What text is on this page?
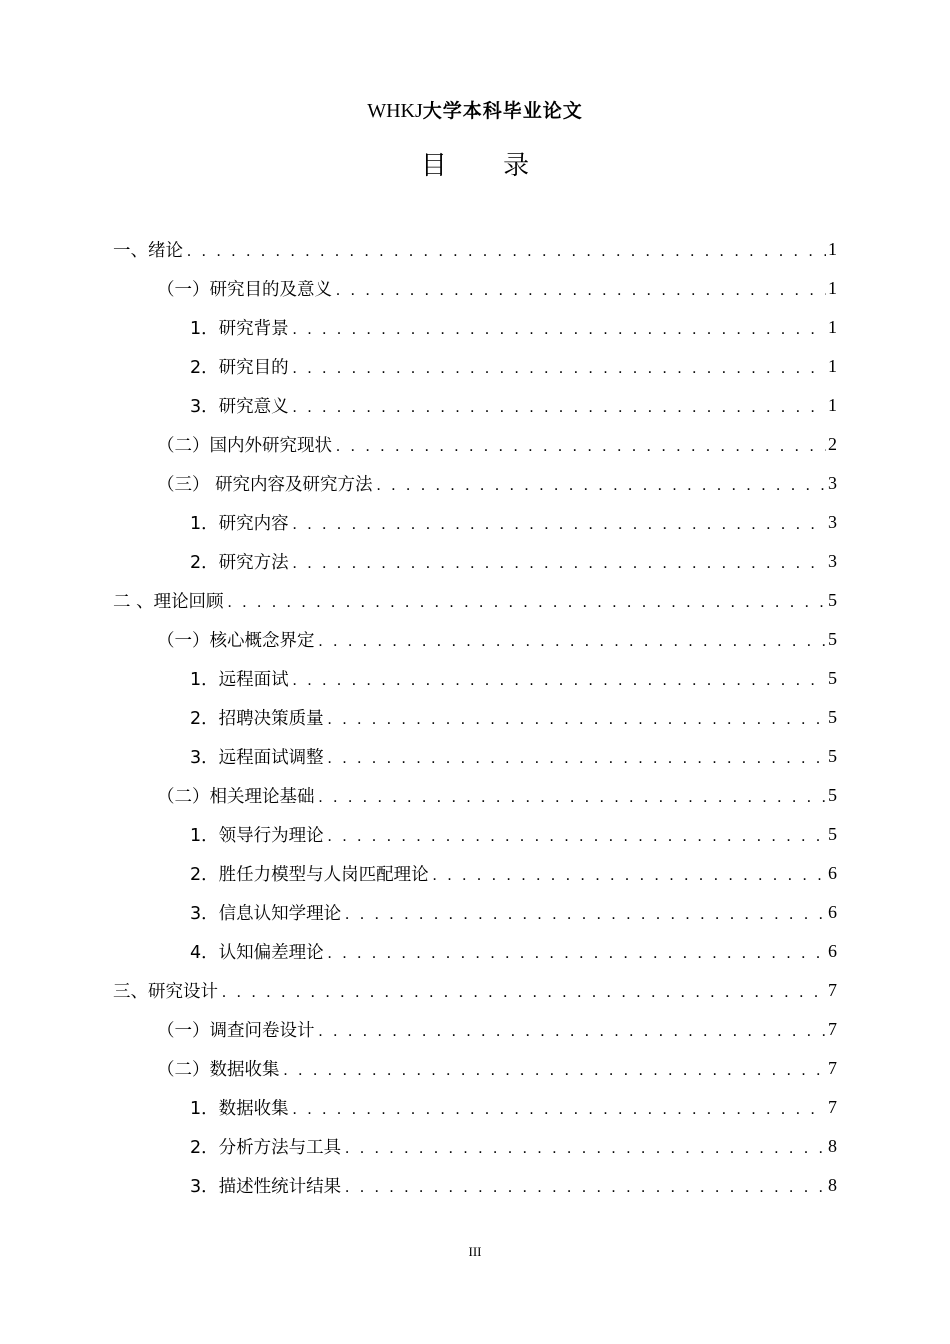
WHKJ大学本科毕业论文
目 录
一、绪论 . . .	1
（一）研究目的及意义 . . .	1
1．研究背景 . . .	1
2．研究目的 . . .	1
3．研究意义 . . .	1
（二）国内外研究现状 . . .	2
（三） 研究内容及研究方法 . . .	3
1．研究内容 . . .	3
2．研究方法 . . .	3
二 、理论回顾 . . .	5
（一）核心概念界定 . . .	5
1．远程面试 . . .	5
2．招聘决策质量 . . .	5
3．远程面试调整 . . .	5
（二）相关理论基础 . . .	5
1．领导行为理论 . . .	5
2．胜任力模型与人岗匹配理论 . . .	6
3．信息认知学理论 . . .	6
4．认知偏差理论 . . .	6
三、研究设计 . . .	7
（一）调查问卷设计 . . .	7
（二）数据收集 . . .	7
1．数据收集 . . .	7
2．分析方法与工具 . . .	8
3．描述性统计结果 . . .	8
III
